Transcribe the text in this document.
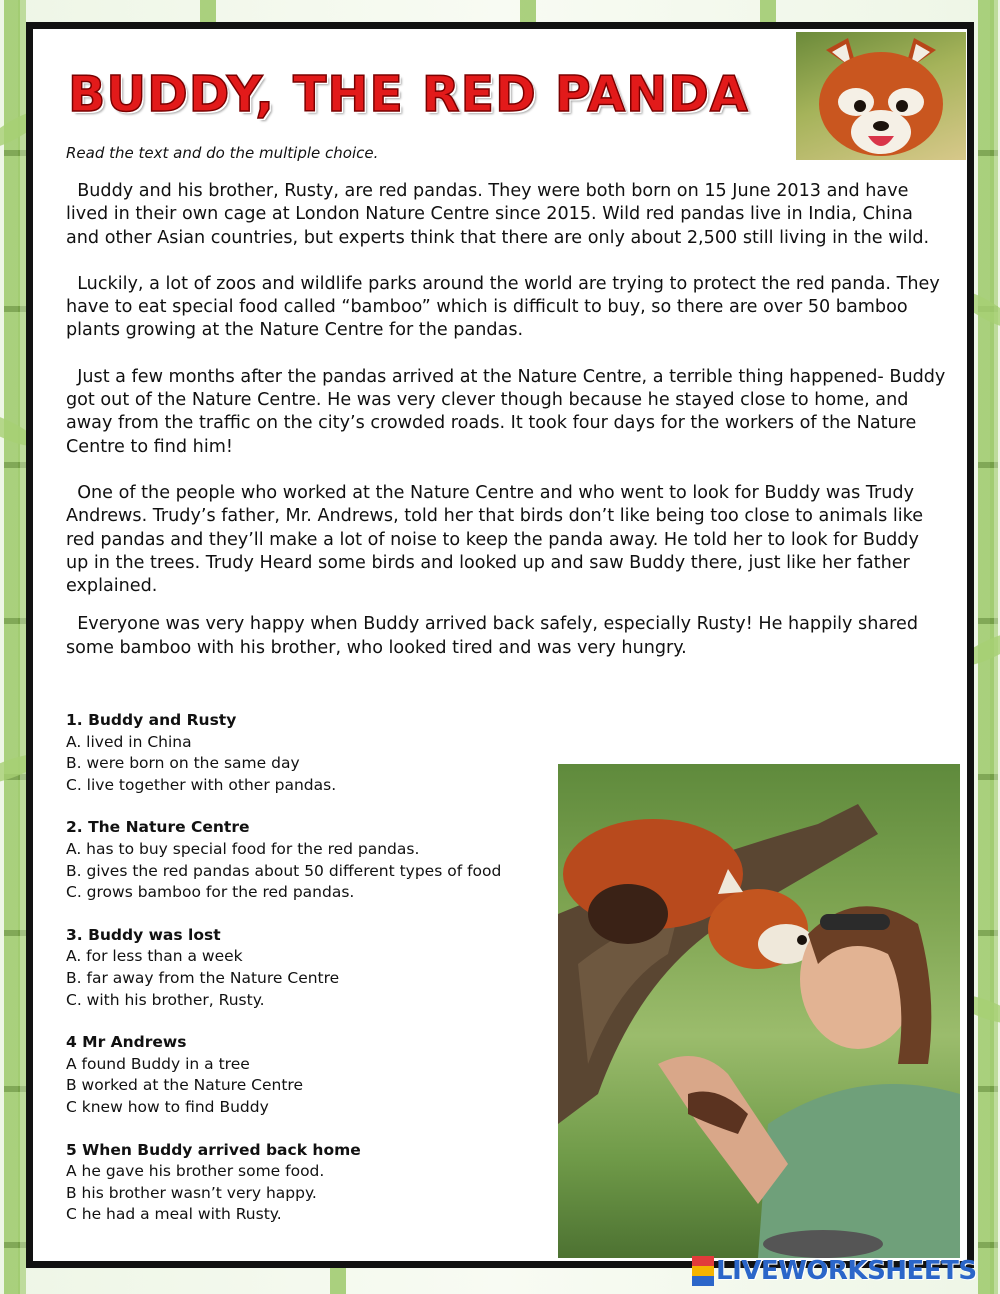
BUDDY, THE RED PANDA
Read the text and do the multiple choice.

Buddy and his brother, Rusty, are red pandas. They were both born on 15 June 2013 and have lived in their own cage at London Nature Centre since 2015. Wild red pandas live in India, China and other Asian countries, but experts think that there are only about 2,500 still living in the wild.

Luckily, a lot of zoos and wildlife parks around the world are trying to protect the red panda. They have to eat special food called “bamboo” which is difficult to buy, so there are over 50 bamboo plants growing at the Nature Centre for the pandas.

Just a few months after the pandas arrived at the Nature Centre, a terrible thing happened- Buddy got out of the Nature Centre. He was very clever though because he stayed close to home, and away from the traffic on the city’s crowded roads. It took four days for the workers of the Nature Centre to find him!

One of the people who worked at the Nature Centre and who went to look for Buddy was Trudy Andrews. Trudy’s father, Mr. Andrews, told her that birds don’t like being too close to animals like red pandas and they’ll make a lot of noise to keep the panda away. He told her to look for Buddy up in the trees. Trudy Heard some birds and looked up and saw Buddy there, just like her father explained.

Everyone was very happy when Buddy arrived back safely, especially Rusty! He happily shared some bamboo with his brother, who looked tired and was very hungry.

1. Buddy and Rusty
A. lived in China
B. were born on the same day
C. live together with other pandas.
2. The Nature Centre
A. has to buy special food for the red pandas.
B. gives the red pandas about 50 different types of food
C. grows bamboo for the red pandas.
3. Buddy was lost
A. for less than a week
B. far away from the Nature Centre
C. with his brother, Rusty.
4 Mr Andrews
A found Buddy in a tree
B worked at the Nature Centre
C knew how to find Buddy
5 When Buddy arrived back home
A he gave his brother some food.
B his brother wasn’t very happy.
C he had a meal with Rusty.
LIVEWORKSHEETS
